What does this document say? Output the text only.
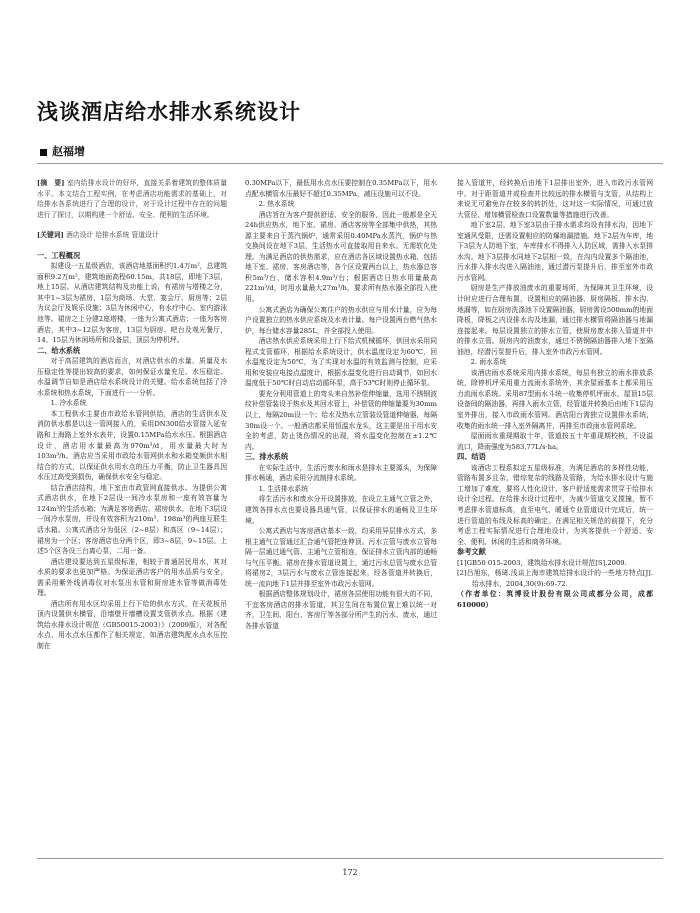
浅谈酒店给水排水系统设计
赵福增

[摘　要] 室内给排水设计的好坏，直接关系着建筑的整体质量水平。本文结合工程实例，在考虑酒店功能需求的基础上，对给排水各系统进行了合理的设计，对于设计过程中存在的问题进行了探讨，以期构建一个舒适、安全、便利的生活环境。

[关键词] 酒店设计 给排水系统 管道设计

一、工程概况

拟建设一五星级酒店，该酒店地基面积约1.4万m²，总建筑面积9.2万m²，建筑地面高程60.15m，共18层，即地下3层，地上15层。从酒店建筑结构及功能上说，有裙房与塔楼之分，其中1~3层为裙房，1层为商场、大堂、宴会厅、厨房等；2层为议会厅及娱乐设施；3层为休闲中心，有水疗中心、室内游泳池等。裙房之上分建2座塔楼，一座为公寓式酒店；一座为客房酒店，其中3~12层为客房，13层为厨房、吧台及观光餐厅，14、15层为休闲场所和设备层，顶层为停机坪。

二、给水系统

对于高层建筑的酒店而言，对酒店供水的水量、质量及水压稳定性等提出较高的要求，如何保证水量充足、水压稳定、水温调节自如是酒店给水系统设计的关键。给水系统包括了冷水系统和热水系统，下面进行一一分析。

1. 冷水系统

本工程供水主要由市政给水管网供给，酒店的生活供水及消防供水都是以这一管网接入的，采用DN300给水管接入延安路和上海路上室外水表井，设置0.15MPa给水水压。根据酒店设计，酒店用水量最高为970m³/d，用水量最大时为103m³/h。酒店应当采用市政给水管网供水和水箱变频供水相结合的方式，以保证供水用水点的压力平衡，防止卫生器具因水压过高受到损伤，确保供水安全与稳定。

结合酒店结构，地下室由市政管网直接供水。为提供公寓式酒店供水，在地下2层设一间冷水泵房和一座有效容量为124m³的生活水箱；为满足客房酒店、裙房供水，在地下3层设一间冷水泵房，并设有效容积为210m³、198m³的两座互联生活水箱。公寓式酒店分为低区（2~8层）和高区（9~14层）；裙房为一个区；客房酒店也分两个区，即3~8层，9~15层。上述5个区各设三台离心泵，二用一备。

酒店建设要达到五星级标准，相较于普通居民用水，其对水质的要求也更加严格。为保证酒店客户的用水品质与安全，需采用紫外线消毒仪对水泵出水管和厨房进水管等做消毒处理。

酒店所有用水区均采用上行下给的供水方式，在天花板吊顶内设置供水横管，沿墙壁开墙槽设置支管供水点。根据《建筑给水排水设计规范（GB50015-2003）》（2009版），对各配水点、用水点水压都作了相关规定，如酒店建筑配水点水压控制在

0.30MPa以下，最低用水点水压要控制在0.35MPa以下，用水点配水横管水压最好不超过0.35MPa，减压设施可以不设。

2. 热水系统

酒店旨在为客户提供舒适、安全的服务，因此一般都是全天24h供应热水，地下室、裙房、酒店客房等全部集中供热，其热源主要来自于蒸汽锅炉，通常采用0.40MPa水蒸汽，锅炉与热交换间设在地下3层，生活热水可直接取用自来水。无需软化处理。为满足酒店的供热需求，应在酒店各区域设置热水箱，包括地下室、裙房、客房酒店等，各个区设置两台以上，热水器总容积5m³/台，储水容积4.9m³/台；根据酒店日热水用量最高221m³/d，时用水量最大27m³/h，要求所有热水器全部投入使用。

公寓式酒店为确保公寓住户的热水供应与用水计量，应为每户设置独立的热水供应系统及水表计量。每户设置两台燃气热水炉，每台储水容量285L，并全部投入使用。

酒店热水供应系统采用上行下给式机械循环，供回水采用同程式支管循环，根据给水系统设计，供水温度设定为60℃，回水温度设定为50℃，为了实现对水温的有效监测与控制，应采用和安装应电接点温度计，根据水温变化进行自动调节，如回水温度低于50℃时自动启动循环泵，高于53℃时则停止循环泵。

要充分利用管道上的弯头来自然补偿伸缩量，选用不锈钢波纹补偿管装设于热水及其回水管上，补偿管的伸缩量要为30mm以上，每隔20m设一个；给水及热水立管装设管道伸缩器，每隔30m设一个。一般酒店都采用恒温水龙头，这主要是出于用水安全的考虑，防止烫伤情况的出现，将水温变化控制在±1.2℃内。

三、排水系统

在实际生活中，生活污废水和雨水是排水主要源头，为保障排水畅通，酒店采用分流制排水系统。

1. 生活排水系统

将生活污水和废水分开设置排放，在设立主通气立管之外，建筑各排水点也要设器具通气管，以保证排水的通畅及卫生环境。

公寓式酒店与客房酒店基本一致，均采用异层排水方式，多根主通气立管通过汇合通气管把连伸顶。污水立管与废水立管每隔一层通过通气管、主通气立管相连，保证排水立管内部的通畅与气压平衡。裙房在排水管道设置上，通过污水总管与废水总管将裙房2，3层污水与废水立管连接起来，经各管道并转换后，统一流向地下1层并排至室外市政污水管网。

根据酒店整体规划设计，裙房各层使用功能有很大的不同，不宜客房酒店的排水管道，其卫生间在布置位置上难以统一对齐，卫生间、阳台、客房厅等各部分所产生的污水、废水，通过各排水管道

接入管道井，经转换后由地下1层排出室外，进入市政污水管网中。对于距管道井或检查井比较远的排水横管与支管，从结构上来说无可避免存在较多的转折处，这对这一实际情况，可通过放大管径、增加横管检查口设置数量等措施进行改善。

地下室2层、地下室3层由于排水需求均设有排水沟，因地下室通风受限，还需设置相应的防爆地漏措施。地下2层为车库，地下3层为人防地下室，车库排水不得排入人防区域，需排入水泵排水沟。地下3层排水同地下2层相一致，在沟内设置多个隔油池，污水排入排水沟进入隔油池，通过潜污泵提升后，排至室外市政污水管网。

厨房是生产排放油废水的重要场所，为保障其卫生环境，设计时应进行合理布置，设置相应的隔油器、厨房隔板、排水沟、地漏等，如在厨房洗涤池下设置隔油器，厨房需设500mm的地面降板，降板之内设排水沟及地漏，通过排水横管将隔油器与地漏连接起来。每层设置独立的排水立管，使厨房废水排入管道井中的排水立管。厨房内的油废水，通过不锈钢隔油器排入地下室隔油池，经潜污泵提升后，排入室外市政污水管网。

2. 雨水系统

该酒店雨水系统采用内排水系统，每层有独立的雨水排放系统，除停机坪采用重力流雨水系统外，其余屋面基本上都采用压力流雨水系统。采用87型雨水斗统一收集停机坪雨水，屋顶15层设备间的隔油器，再排入雨水立管，经管道并转换后由地下1层沟室外排出，接入市政雨水管网。酒店阳台需独立设置排水系统，收集的雨水统一排入室外隔离井，再排至市政雨水管网系统。

屋面雨水重现期取十年，管道按五十年重现期校核，不设溢流口，降雨强度为583.77L/s·ha。

四、结语

该酒店工程系拟定五星级标准，为满足酒店的多样性功能，管路布置多且杂，错综复杂的线路及管路，为给水排水设计与施工增加了难度，要将人性化设计、客户舒适度需求贯穿于给排水设计全过程。在给排水设计过程中，为减少管道交叉搅撞，暂不考虑排水管道标高，直至电气、暖通专业管道设计完成后，统一进行管道的布线及标高的确定。在满足相关规范的前提下，充分考虑工程实际情况进行合理地设计，为宾客提供一个舒适、安全、便利、休闲的生活和商务环境。

参考文献

[1]GB50 015-2003，建筑给水排水设计规范[S].2009.

[2]吕旭东，杨琦.浅谈上海市建筑给排水设计的一些地方特点[J].给水排水，2004,30(9):69-72.

（作者单位：筑博设计股份有限公司成都分公司，成都 610000）

172
